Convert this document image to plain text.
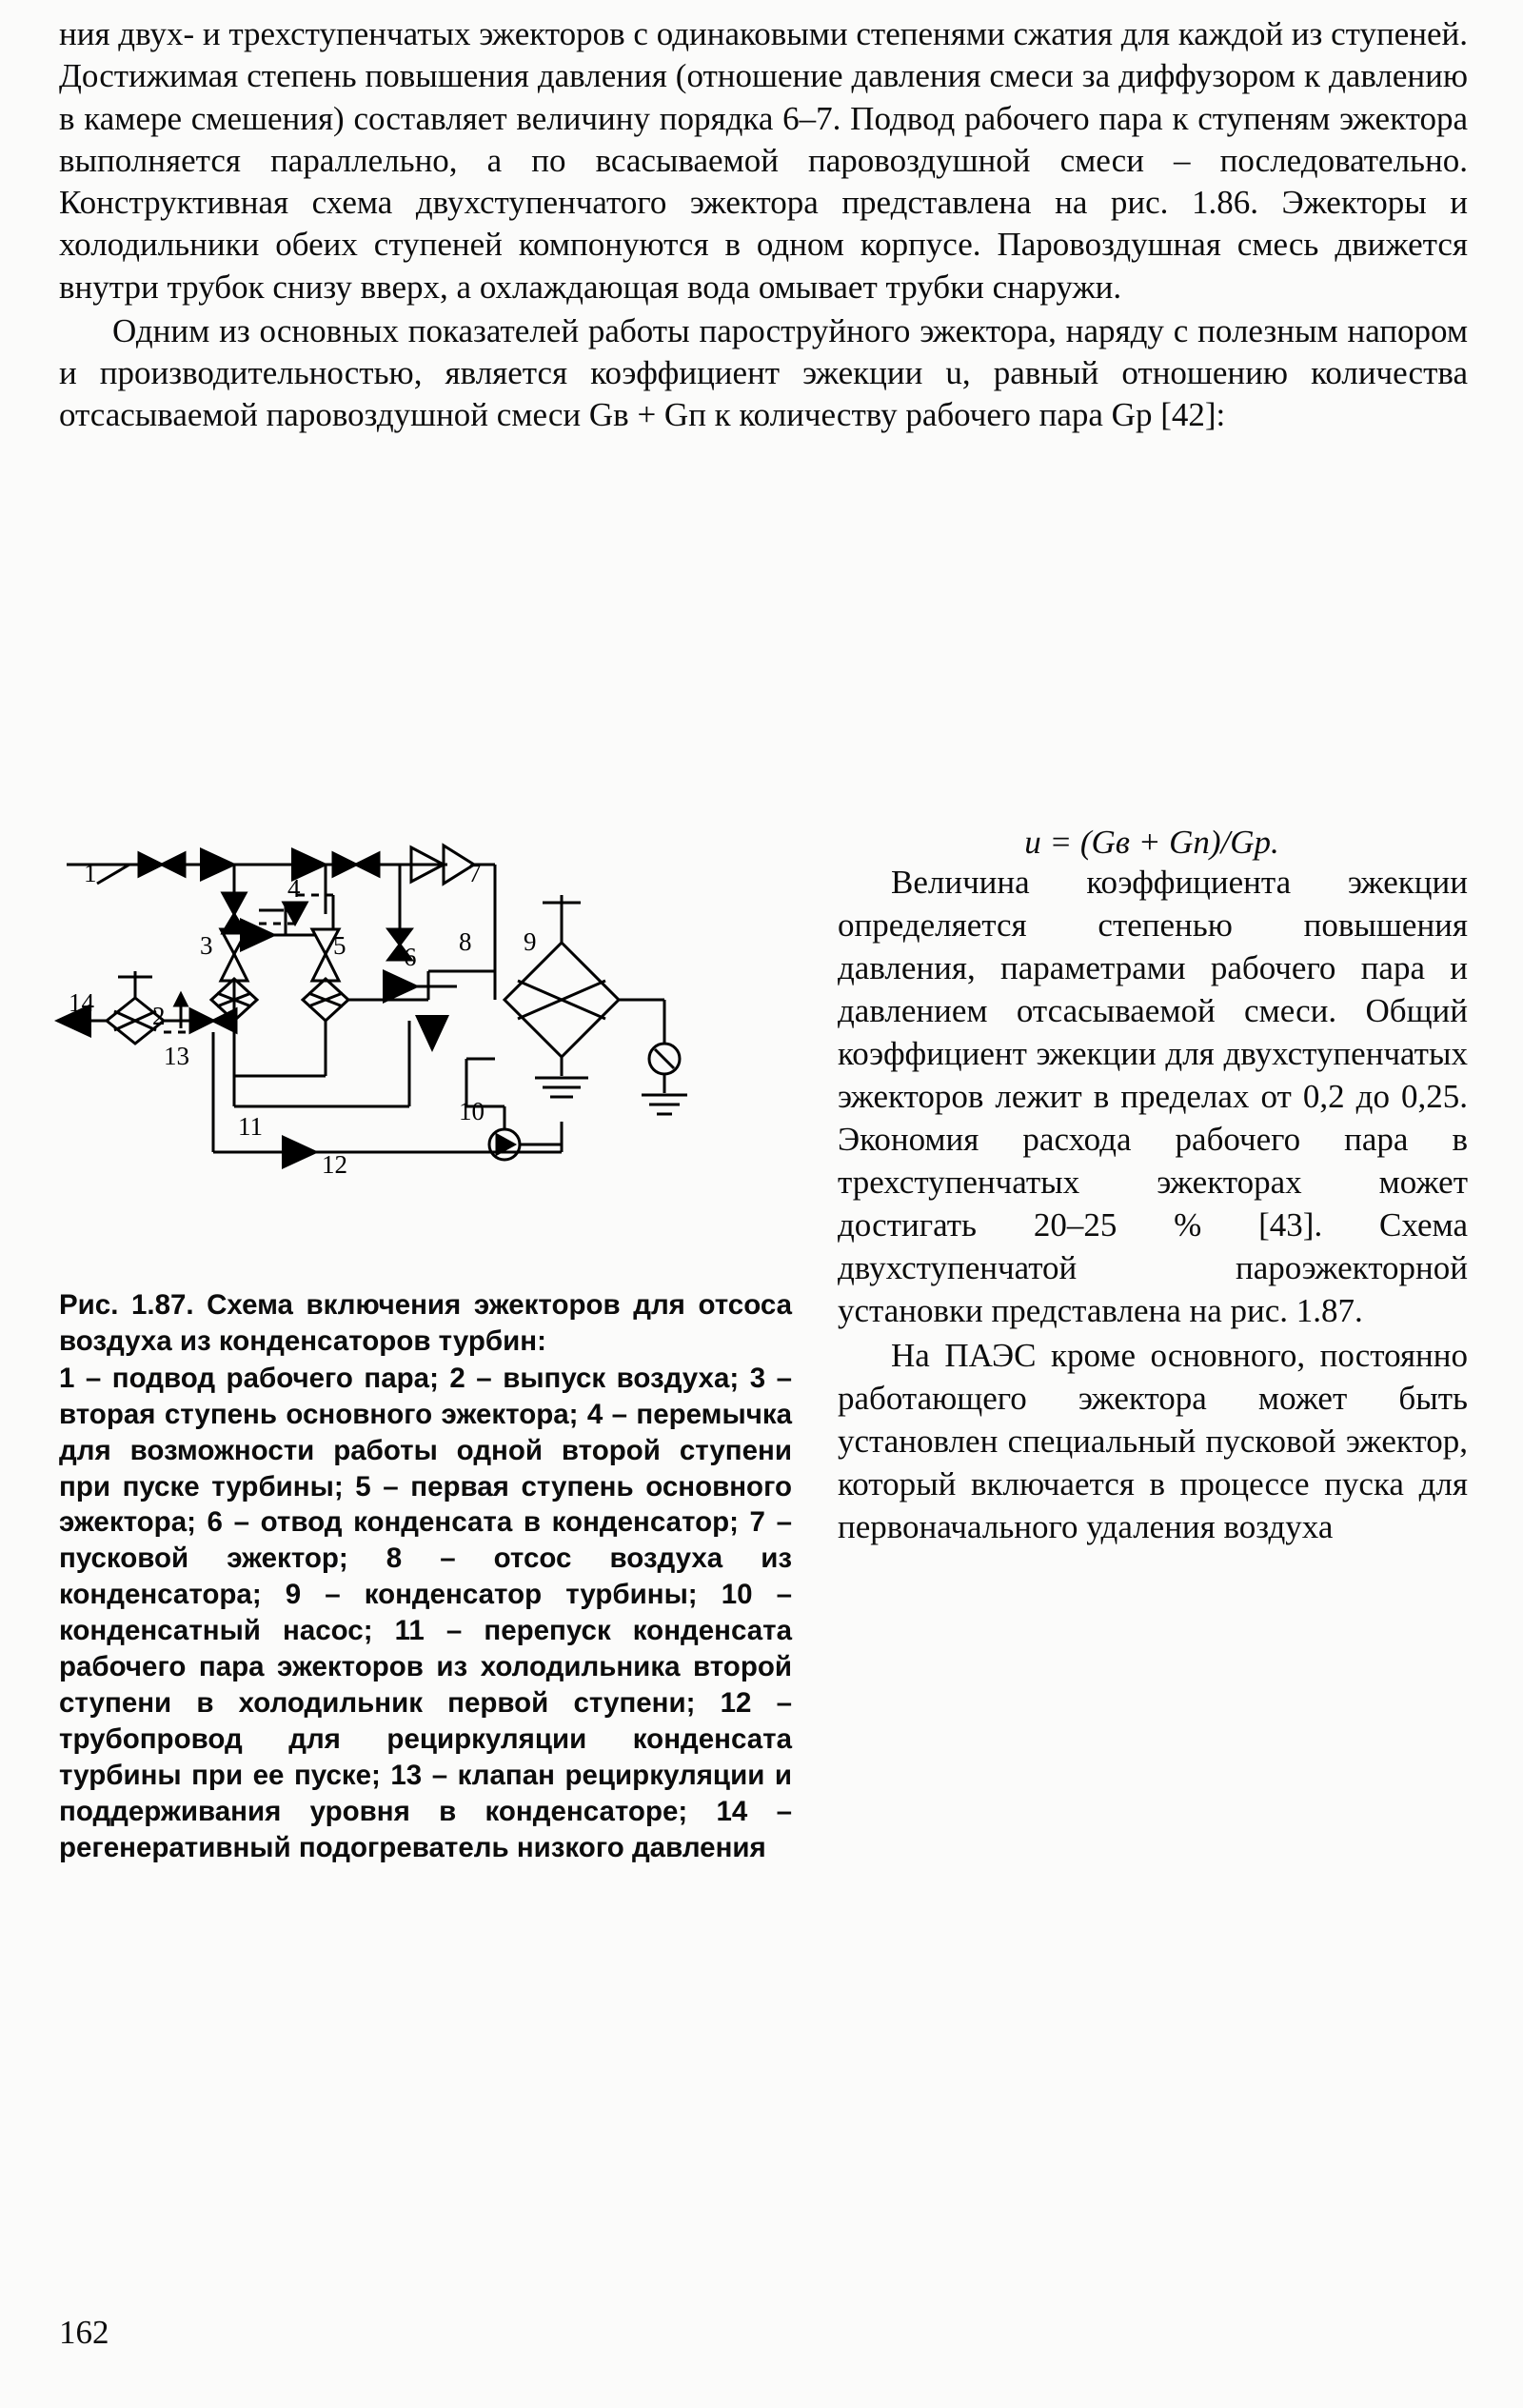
ния двух- и трехступенчатых эжекторов с одинаковыми степенями сжатия для каждой из ступеней. Достижимая степень повышения давления (отношение давления смеси за диффузором к давлению в камере смешения) составляет величину порядка 6–7. Подвод рабочего пара к ступеням эжектора выполняется параллельно, а по всасываемой паровоздушной смеси – последовательно. Конструктивная схема двухступенчатого эжектора представлена на рис. 1.86. Эжекторы и холодильники обеих ступеней компонуются в одном корпусе. Паровоздушная смесь движется внутри трубок снизу вверх, а охлаждающая вода омывает трубки снаружи.

Одним из основных показателей работы пароструйного эжектора, наряду с полезным напором и производительностью, является коэффициент эжекции u, равный отношению количества отсасываемой паровоздушной смеси Gв + Gп к количеству рабочего пара Gр [42]:

u = (Gв + Gп)/Gр.

Величина коэффициента эжекции определяется степенью повышения давления, параметрами рабочего пара и давлением отсасываемой смеси. Общий коэффициент эжекции для двухступенчатых эжекторов лежит в пределах от 0,2 до 0,25. Экономия расхода рабочего пара в трехступенчатых эжекторах может достигать 20–25 % [43]. Схема двухступенчатой пароэжекторной установки представлена на рис. 1.87.

На ПАЭС кроме основного, постоянно работающего эжектора может быть установлен специальный пусковой эжектор, который включается в процессе пуска для первоначального удаления воздуха

1
2
3
4
5 6
7
8 9
10
11
12
13
14
Рис. 1.87. Схема включения эжекторов для отсоса воздуха из конденсаторов турбин:
1 – подвод рабочего пара; 2 – выпуск воздуха; 3 – вторая ступень основного эжектора; 4 – перемычка для возможности работы одной второй ступени при пуске турбины; 5 – первая ступень основного эжектора; 6 – отвод конденсата в конденсатор; 7 – пусковой эжектор; 8 – отсос воздуха из конденсатора; 9 – конденсатор турбины; 10 – конденсатный насос; 11 – перепуск конденсата рабочего пара эжекторов из холодильника второй ступени в холодильник первой ступени; 12 – трубопровод для рециркуляции конденсата турбины при ее пуске; 13 – клапан рециркуляции и поддерживания уровня в конденсаторе; 14 – регенеративный подогреватель низкого давления
162
